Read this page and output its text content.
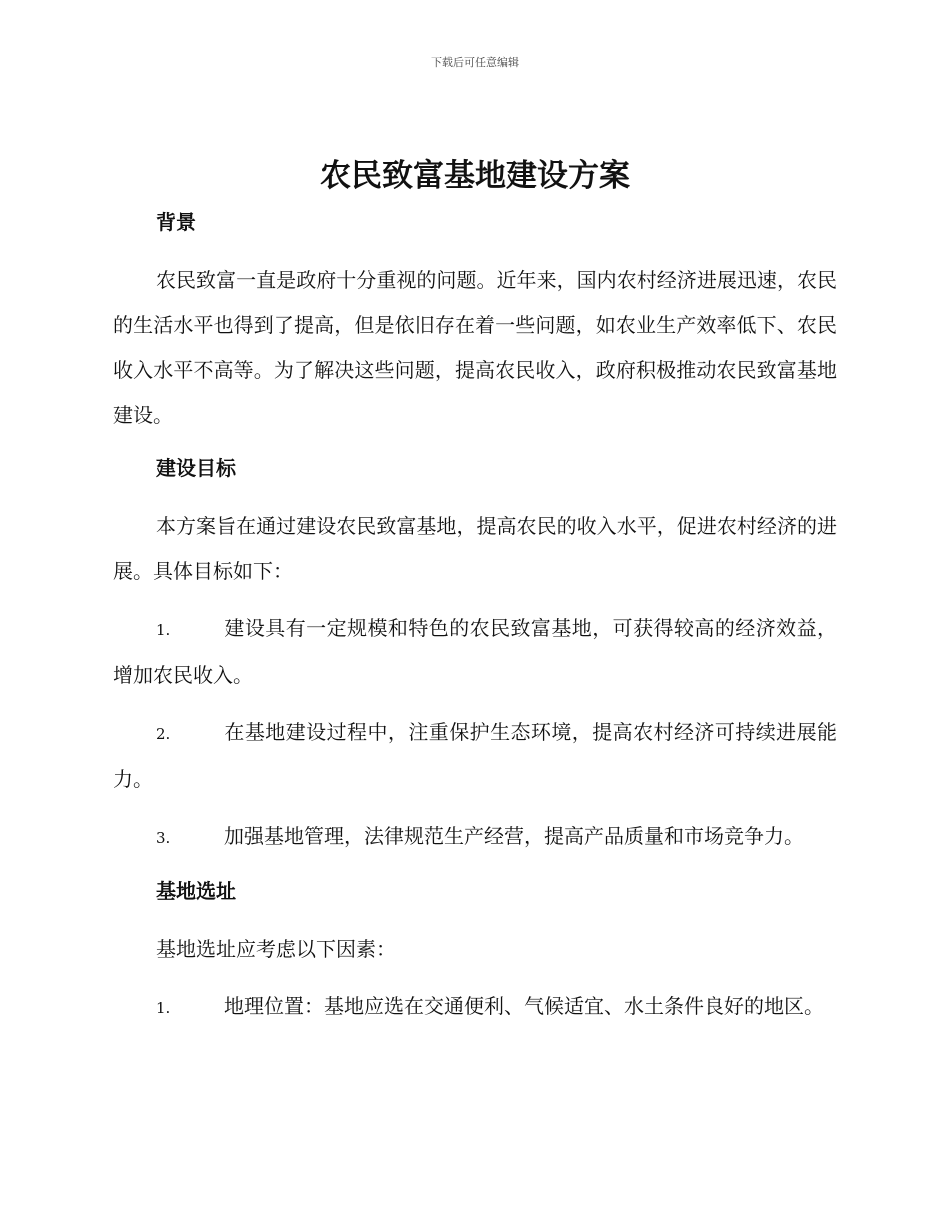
下载后可任意编辑
农民致富基地建设方案
背景

农民致富一直是政府十分重视的问题。近年来，国内农村经济进展迅速，农民的生活水平也得到了提高，但是依旧存在着一些问题，如农业生产效率低下、农民收入水平不高等。为了解决这些问题，提高农民收入，政府积极推动农民致富基地建设。

建设目标

本方案旨在通过建设农民致富基地，提高农民的收入水平，促进农村经济的进展。具体目标如下：

1.	建设具有一定规模和特色的农民致富基地，可获得较高的经济效益，增加农民收入。

2.	在基地建设过程中，注重保护生态环境，提高农村经济可持续进展能力。

3.	加强基地管理，法律规范生产经营，提高产品质量和市场竞争力。

基地选址

基地选址应考虑以下因素：

1.	地理位置：基地应选在交通便利、气候适宜、水土条件良好的地区。
